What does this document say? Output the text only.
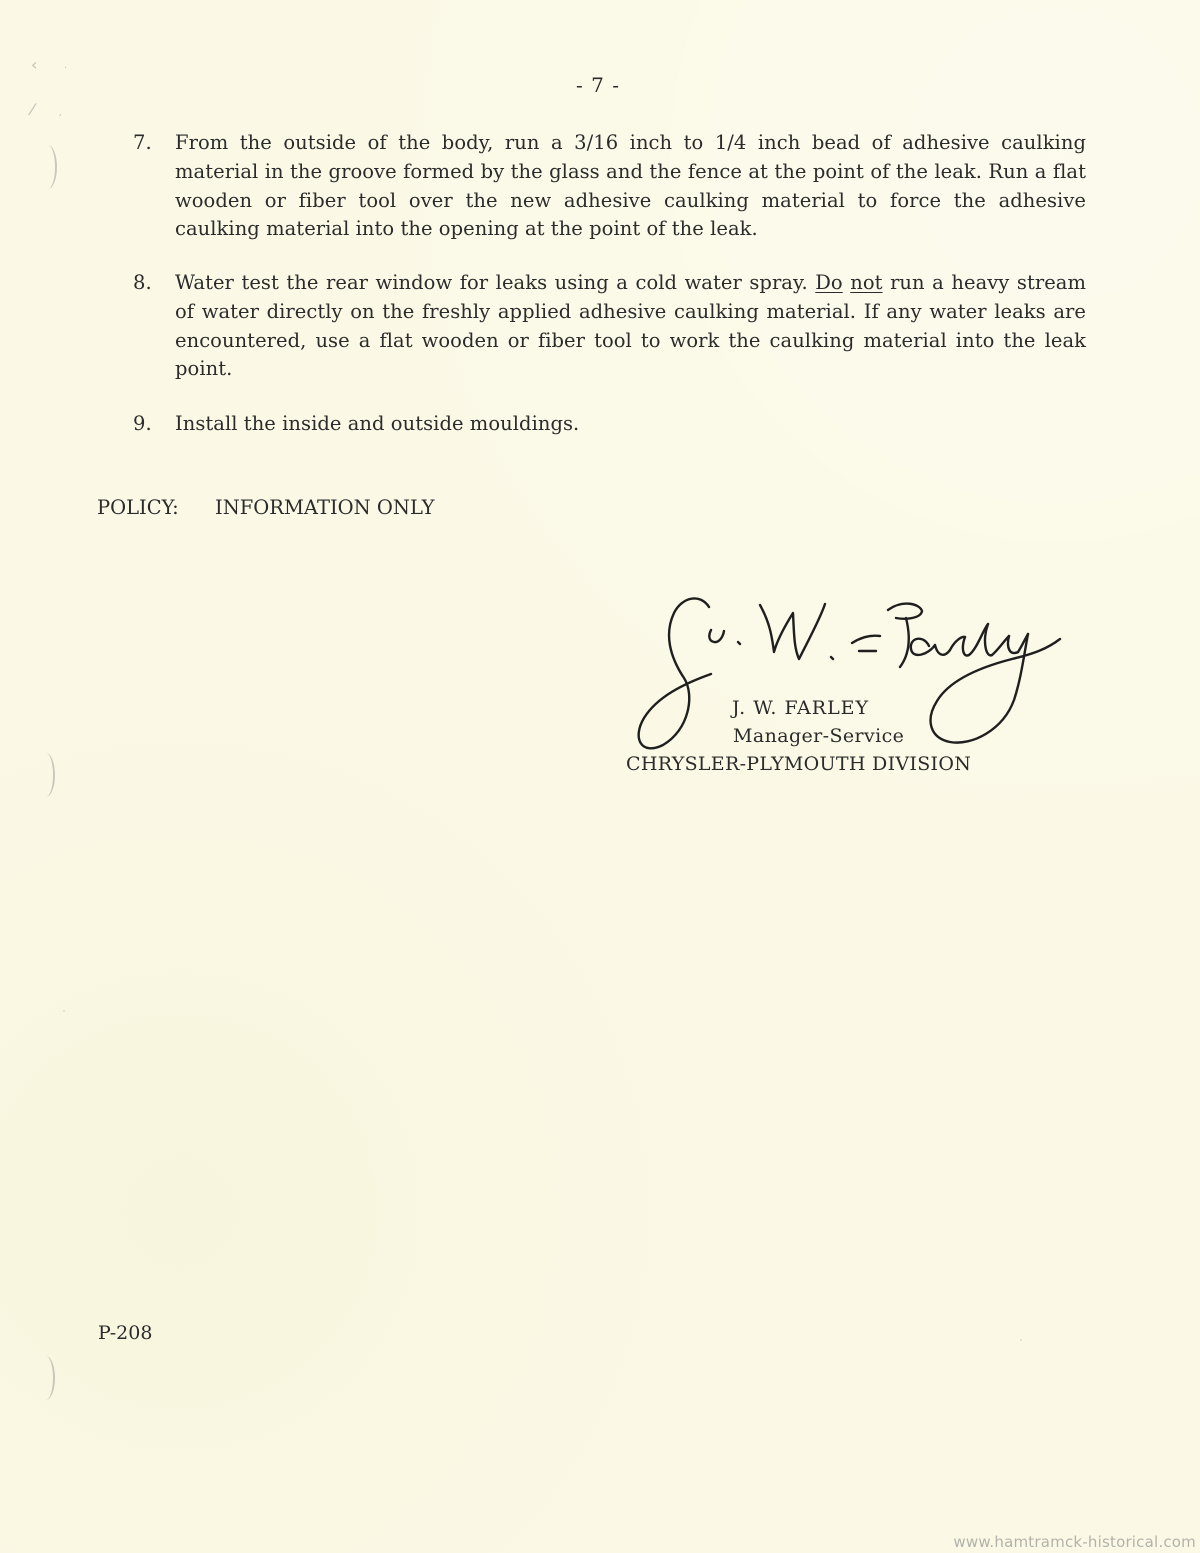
‹	·
⁄ ′
- 7 -
7.	From the outside of the body, run a 3/16 inch to 1/4 inch bead of adhesive caulking material in the groove formed by the glass and the fence at the point of the leak. Run a flat wooden or fiber tool over the new adhesive caulking material to force the adhesive caulking material into the opening at the point of the leak.
8.	Water test the rear window for leaks using a cold water spray. Do not run a heavy stream of water directly on the freshly applied adhesive caulking material. If any water leaks are encountered, use a flat wooden or fiber tool to work the caulking material into the leak point.
9.	Install the inside and outside mouldings.
POLICY: INFORMATION ONLY
J. W. FARLEY
Manager-Service
CHRYSLER-PLYMOUTH DIVISION
P-208
www.hamtramck-historical.com
